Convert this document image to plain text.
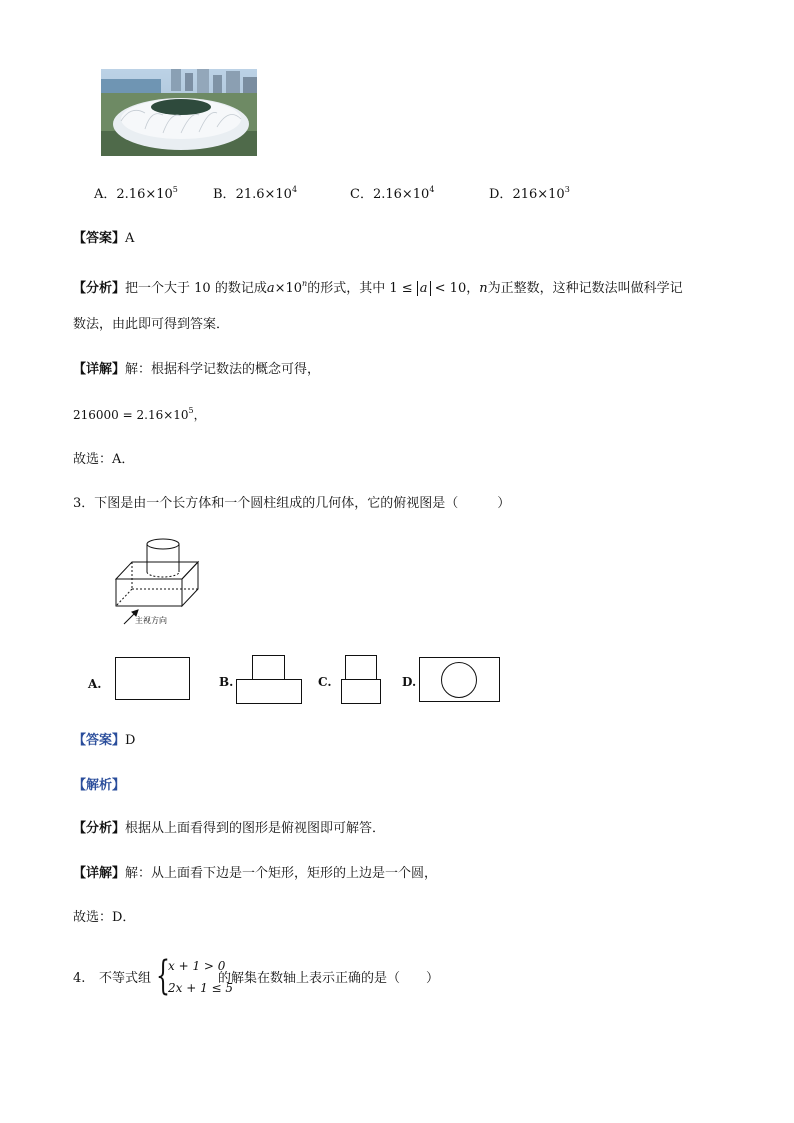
A．$2.16\times 10^5$	B．$21.6\times 10^4$	C．$2.16\times 10^4$	D．$216\times 10^3$
【答案】A
【分析】把一个大于 10 的数记成$a\times 10^n$的形式，其中 1 ≤ a < 10，n为正整数，这种记数法叫做科学记
数法，由此即可得到答案．
【详解】解：根据科学记数法的概念可得，
$216000 = 2.16\times 10^5$，
故选：A．
3．下图是由一个长方体和一个圆柱组成的几何体，它的俯视图是（　　　）
主视方向
A.	B.	C.	D.
【答案】D
【解析】
【分析】根据从上面看得到的图形是俯视图即可解答．
【详解】解：从上面看下边是一个矩形，矩形的上边是一个圆，
故选：D．
4. 不等式组 {
x + 1 > 0
2x + 1 ≤ 5
的解集在数轴上表示正确的是（　　）
